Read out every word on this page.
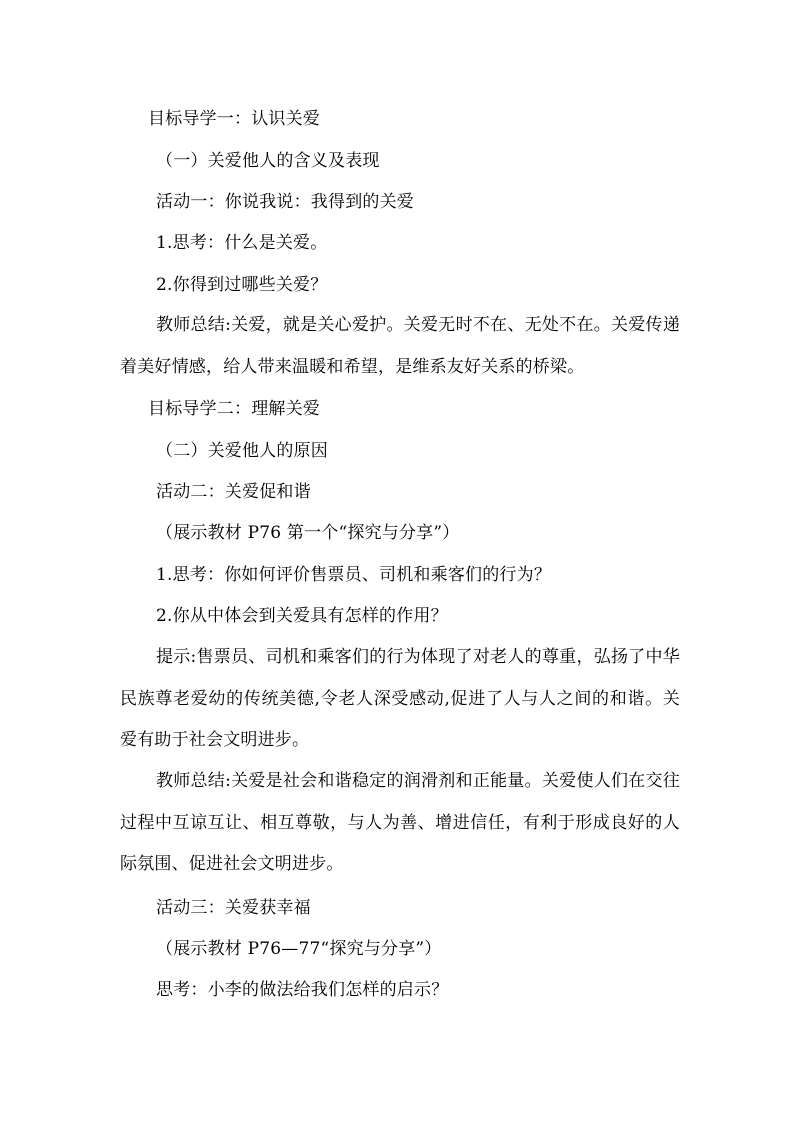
目标导学一：认识关爱
（一）关爱他人的含义及表现
活动一：你说我说：我得到的关爱
1.思考：什么是关爱。
2.你得到过哪些关爱？
教师总结:关爱，就是关心爱护。关爱无时不在、无处不在。关爱传递着美好情感，给人带来温暖和希望，是维系友好关系的桥梁。
目标导学二：理解关爱
（二）关爱他人的原因
活动二：关爱促和谐
（展示教材 P76 第一个“探究与分享”）
1.思考：你如何评价售票员、司机和乘客们的行为？
2.你从中体会到关爱具有怎样的作用？
提示:售票员、司机和乘客们的行为体现了对老人的尊重，弘扬了中华民族尊老爱幼的传统美德,令老人深受感动,促进了人与人之间的和谐。关爱有助于社会文明进步。
教师总结:关爱是社会和谐稳定的润滑剂和正能量。关爱使人们在交往过程中互谅互让、相互尊敬，与人为善、增进信任，有利于形成良好的人际氛围、促进社会文明进步。
活动三：关爱获幸福
（展示教材 P76—77“探究与分享”）
思考：小李的做法给我们怎样的启示？
